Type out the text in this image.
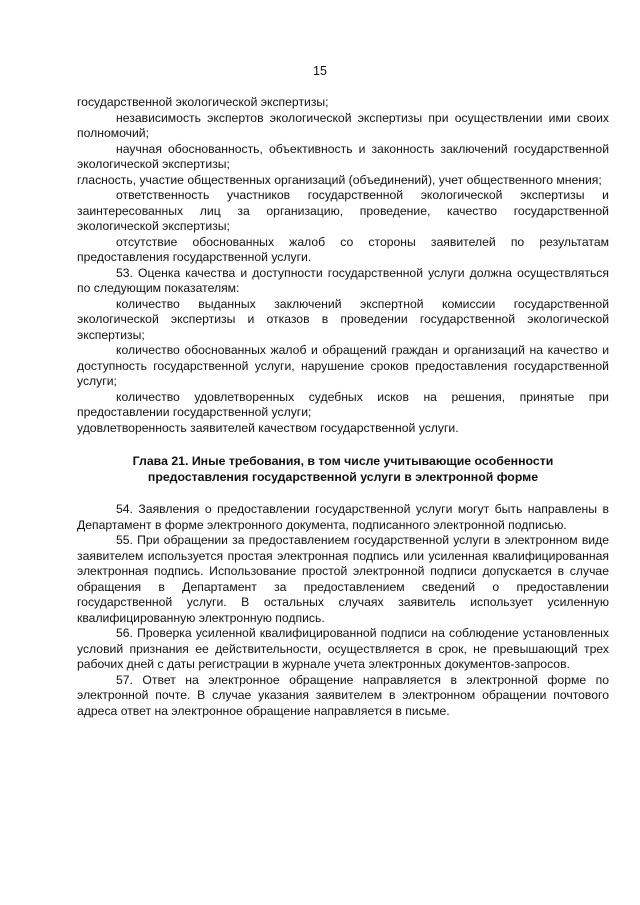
15

государственной экологической экспертизы;

независимость экспертов экологической экспертизы при осуществлении ими своих полномочий;

научная обоснованность, объективность и законность заключений государственной экологической экспертизы;

гласность, участие общественных организаций (объединений), учет общественного мнения;

ответственность участников государственной экологической экспертизы и заинтересованных лиц за организацию, проведение, качество государственной экологической экспертизы;

отсутствие обоснованных жалоб со стороны заявителей по результатам предоставления государственной услуги.

53. Оценка качества и доступности государственной услуги должна осуществляться по следующим показателям:

количество выданных заключений экспертной комиссии государственной экологической экспертизы и отказов в проведении государственной экологической экспертизы;

количество обоснованных жалоб и обращений граждан и организаций на качество и доступность государственной услуги, нарушение сроков предоставления государственной услуги;

количество удовлетворенных судебных исков на решения, принятые при предоставлении государственной услуги;

удовлетворенность заявителей качеством государственной услуги.

Глава 21. Иные требования, в том числе учитывающие особенности
предоставления государственной услуги в электронной форме

54. Заявления о предоставлении государственной услуги могут быть направлены в Департамент в форме электронного документа, подписанного электронной подписью.

55. При обращении за предоставлением государственной услуги в электронном виде заявителем используется простая электронная подпись или усиленная квалифицированная электронная подпись. Использование простой электронной подписи допускается в случае обращения в Департамент за предоставлением сведений о предоставлении государственной услуги. В остальных случаях заявитель использует усиленную квалифицированную электронную подпись.

56. Проверка усиленной квалифицированной подписи на соблюдение установленных условий признания ее действительности, осуществляется в срок, не превышающий трех рабочих дней с даты регистрации в журнале учета электронных документов-запросов.

57. Ответ на электронное обращение направляется в электронной форме по электронной почте. В случае указания заявителем в электронном обращении почтового адреса ответ на электронное обращение направляется в письме.
